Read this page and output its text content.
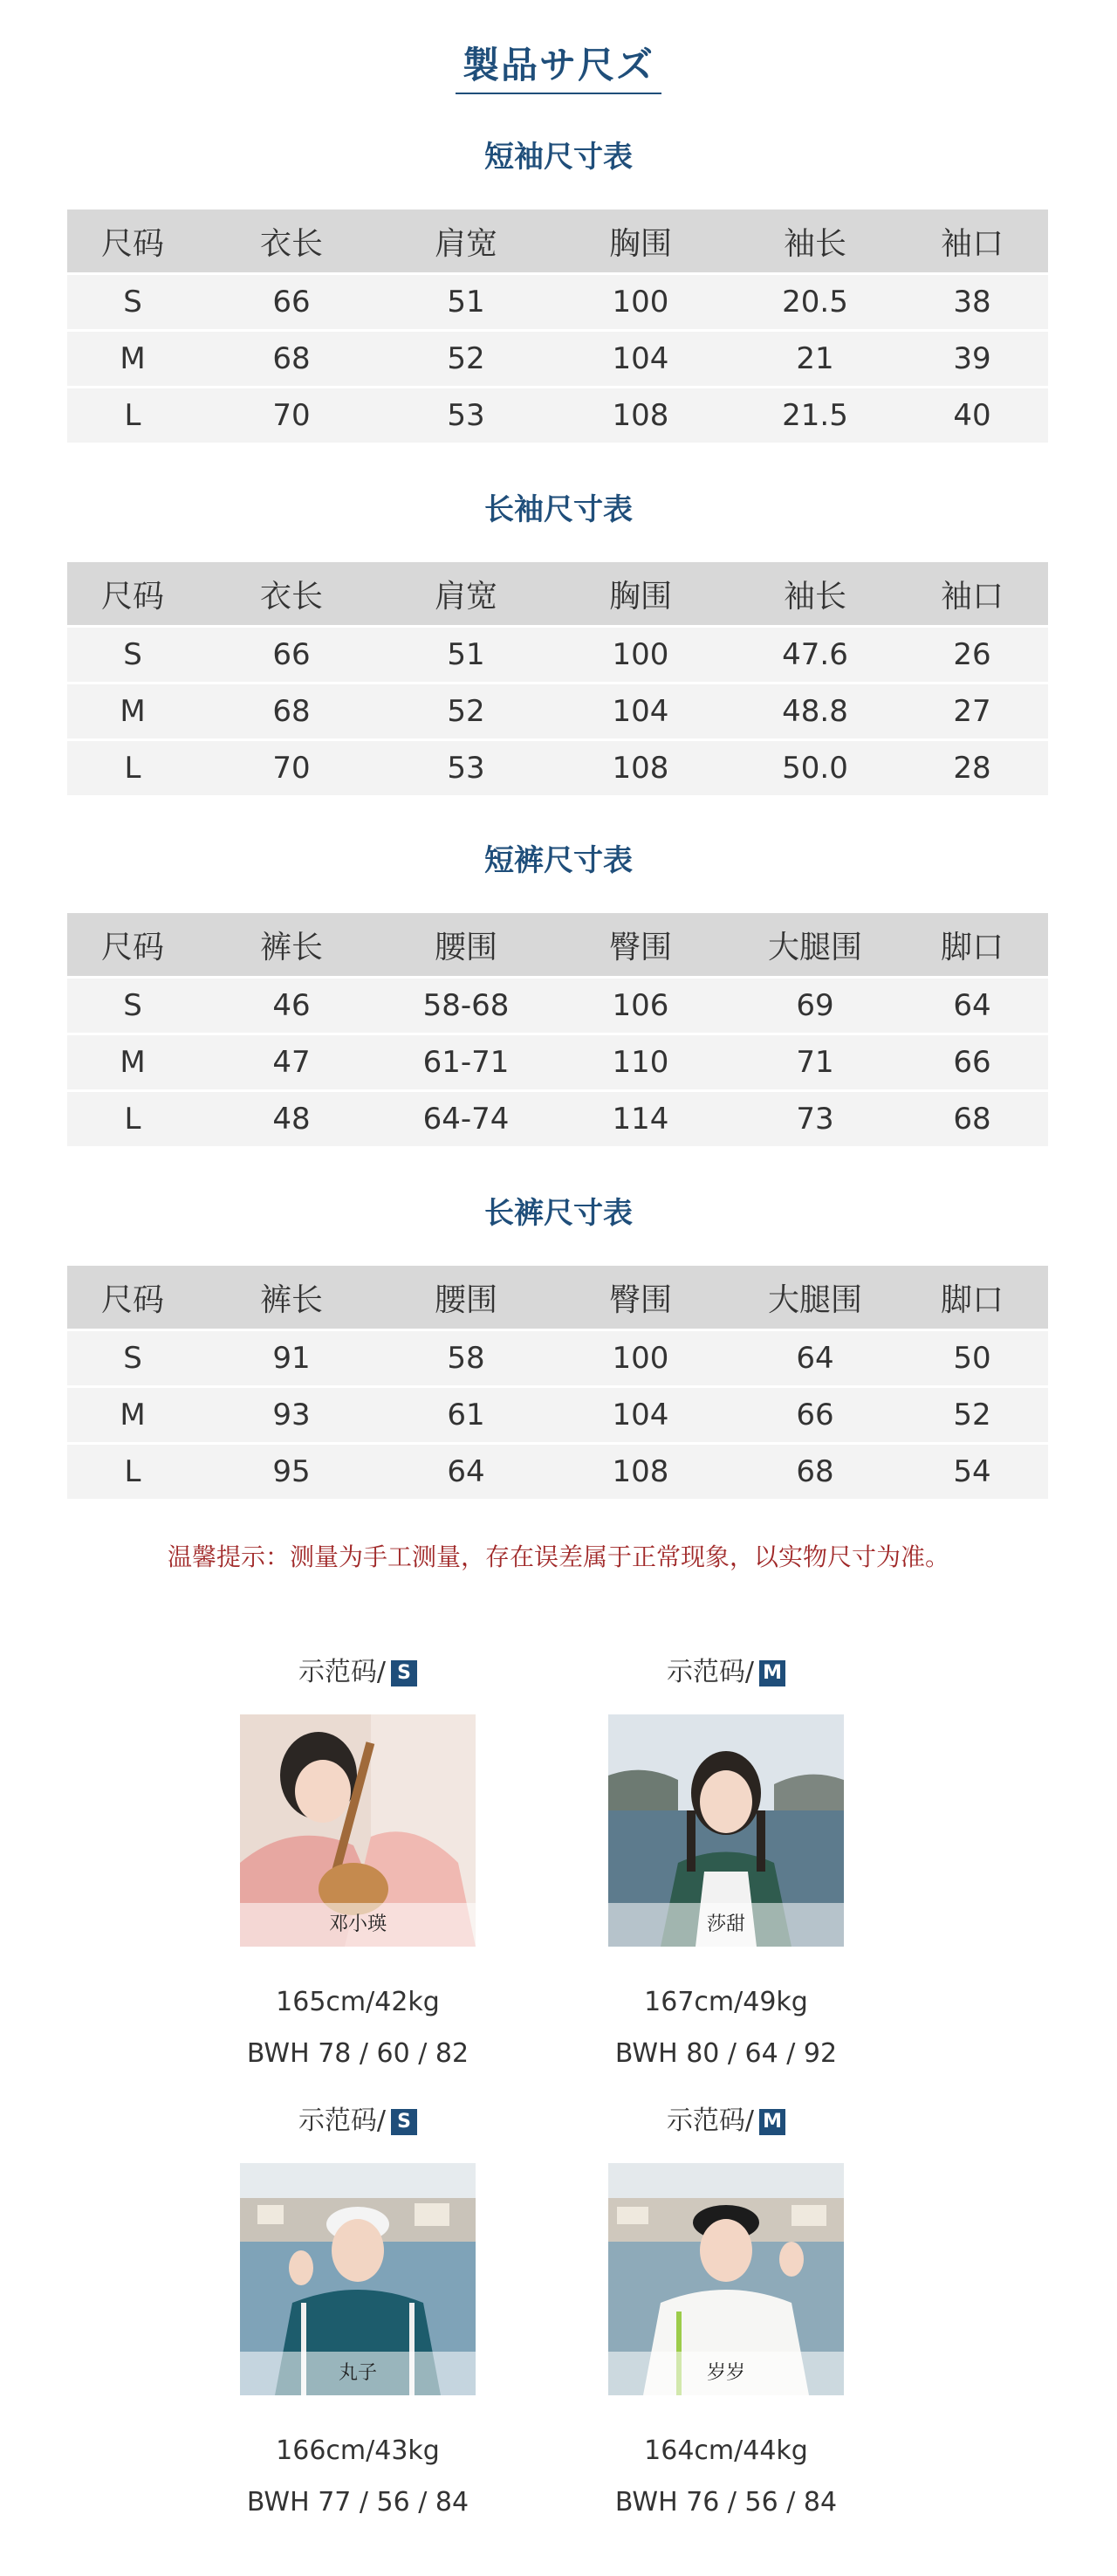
製品サ尺ズ
短袖尺寸表
尺码	衣长	肩宽	胸围	袖长	袖口
S	66	51	100	20.5	38
M	68	52	104	21	39
L	70	53	108	21.5	40
长袖尺寸表
尺码	衣长	肩宽	胸围	袖长	袖口
S	66	51	100	47.6	26
M	68	52	104	48.8	27
L	70	53	108	50.0	28
短裤尺寸表
尺码	裤长	腰围	臀围	大腿围	脚口
S	46	58-68	106	69	64
M	47	61-71	110	71	66
L	48	64-74	114	73	68
长裤尺寸表
尺码	裤长	腰围	臀围	大腿围	脚口
S	91	58	100	64	50
M	93	61	104	66	52
L	95	64	108	68	54
温馨提示：测量为手工测量，存在误差属于正常现象，以实物尺寸为准。
示范码/ S
邓小瑛
165cm/42kg
BWH 78 / 60 / 82
示范码/ M
莎甜
167cm/49kg
BWH 80 / 64 / 92
示范码/ S
丸子
166cm/43kg
BWH 77 / 56 / 84
示范码/ M
岁岁
164cm/44kg
BWH 76 / 56 / 84
